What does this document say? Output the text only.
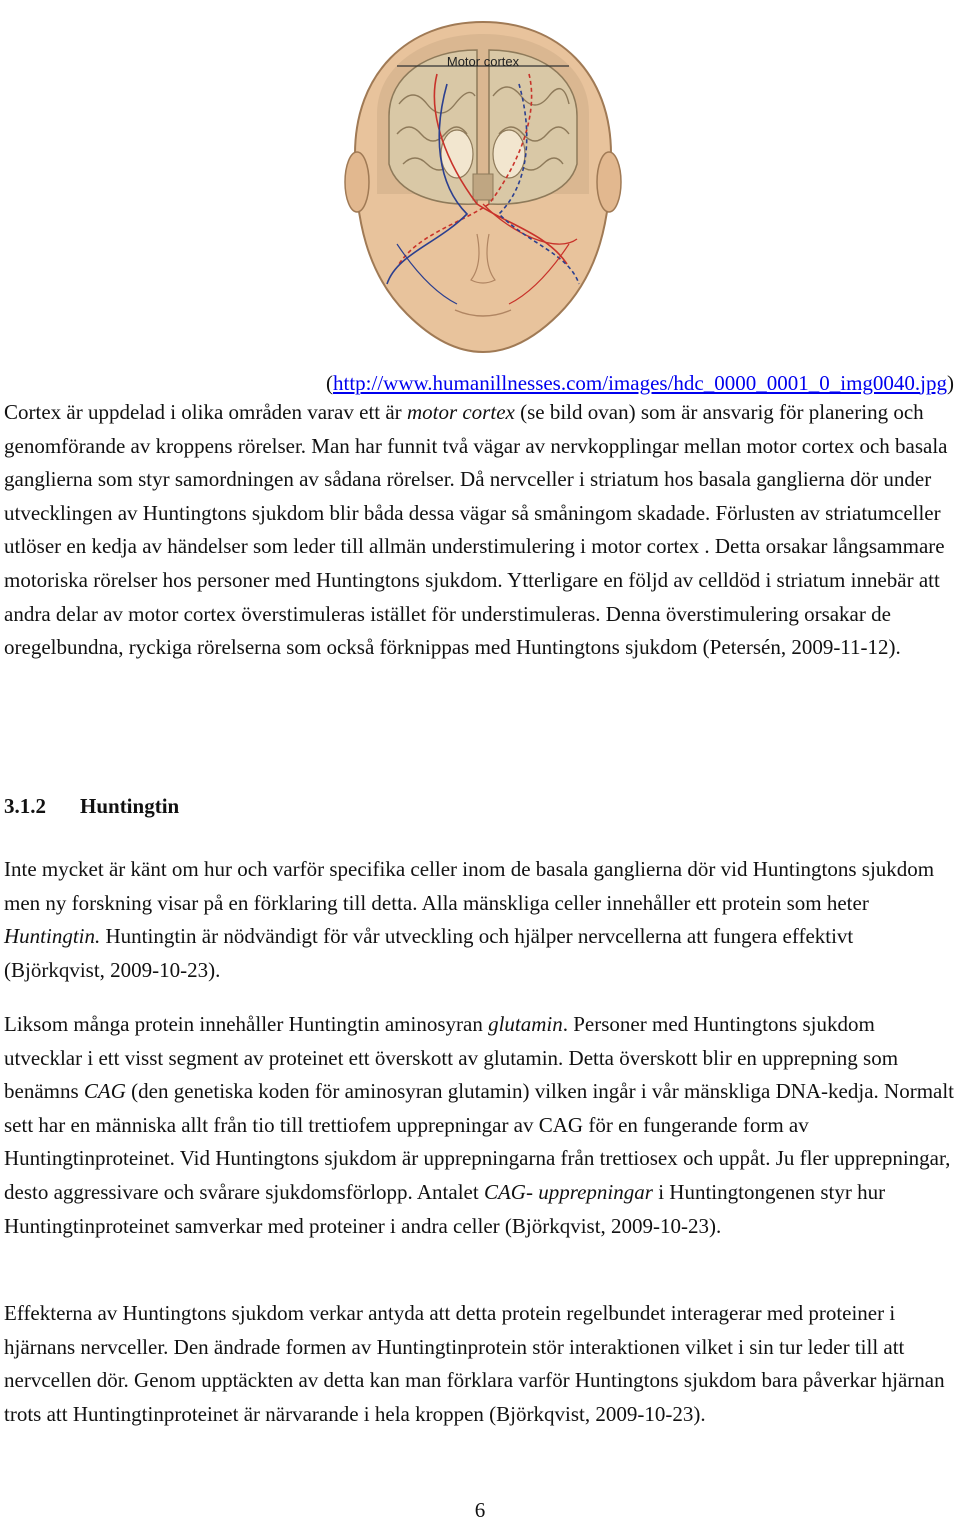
Motor cortex
(http://www.humanillnesses.com/images/hdc_0000_0001_0_img0040.jpg)

Cortex är uppdelad i olika områden varav ett är motor cortex (se bild ovan) som är ansvarig för planering och genomförande av kroppens rörelser. Man har funnit två vägar av nervkopplingar mellan motor cortex och basala ganglierna som styr samordningen av sådana rörelser. Då nervceller i striatum hos basala ganglierna dör under utvecklingen av Huntingtons sjukdom blir båda dessa vägar så småningom skadade. Förlusten av striatumceller utlöser en kedja av händelser som leder till allmän understimulering i motor cortex . Detta orsakar långsammare motoriska rörelser hos personer med Huntingtons sjukdom. Ytterligare en följd av celldöd i striatum innebär att andra delar av motor cortex överstimuleras istället för understimuleras. Denna överstimulering orsakar de oregelbundna, ryckiga rörelserna som också förknippas med Huntingtons sjukdom (Petersén, 2009-11-12).

3.1.2 Huntingtin

Inte mycket är känt om hur och varför specifika celler inom de basala ganglierna dör vid Huntingtons sjukdom men ny forskning visar på en förklaring till detta. Alla mänskliga celler innehåller ett protein som heter Huntingtin. Huntingtin är nödvändigt för vår utveckling och hjälper nervcellerna att fungera effektivt (Björkqvist, 2009-10-23).

Liksom många protein innehåller Huntingtin aminosyran glutamin. Personer med Huntingtons sjukdom utvecklar i ett visst segment av proteinet ett överskott av glutamin. Detta överskott blir en upprepning som benämns CAG (den genetiska koden för aminosyran glutamin) vilken ingår i vår mänskliga DNA-kedja. Normalt sett har en människa allt från tio till trettiofem upprepningar av CAG för en fungerande form av Huntingtinproteinet. Vid Huntingtons sjukdom är upprepningarna från trettiosex och uppåt. Ju fler upprepningar, desto aggressivare och svårare sjukdomsförlopp. Antalet CAG- upprepningar i Huntingtongenen styr hur Huntingtinproteinet samverkar med proteiner i andra celler (Björkqvist, 2009-10-23).

Effekterna av Huntingtons sjukdom verkar antyda att detta protein regelbundet interagerar med proteiner i hjärnans nervceller. Den ändrade formen av Huntingtinprotein stör interaktionen vilket i sin tur leder till att nervcellen dör. Genom upptäckten av detta kan man förklara varför Huntingtons sjukdom bara påverkar hjärnan trots att Huntingtinproteinet är närvarande i hela kroppen (Björkqvist, 2009-10-23).

6
